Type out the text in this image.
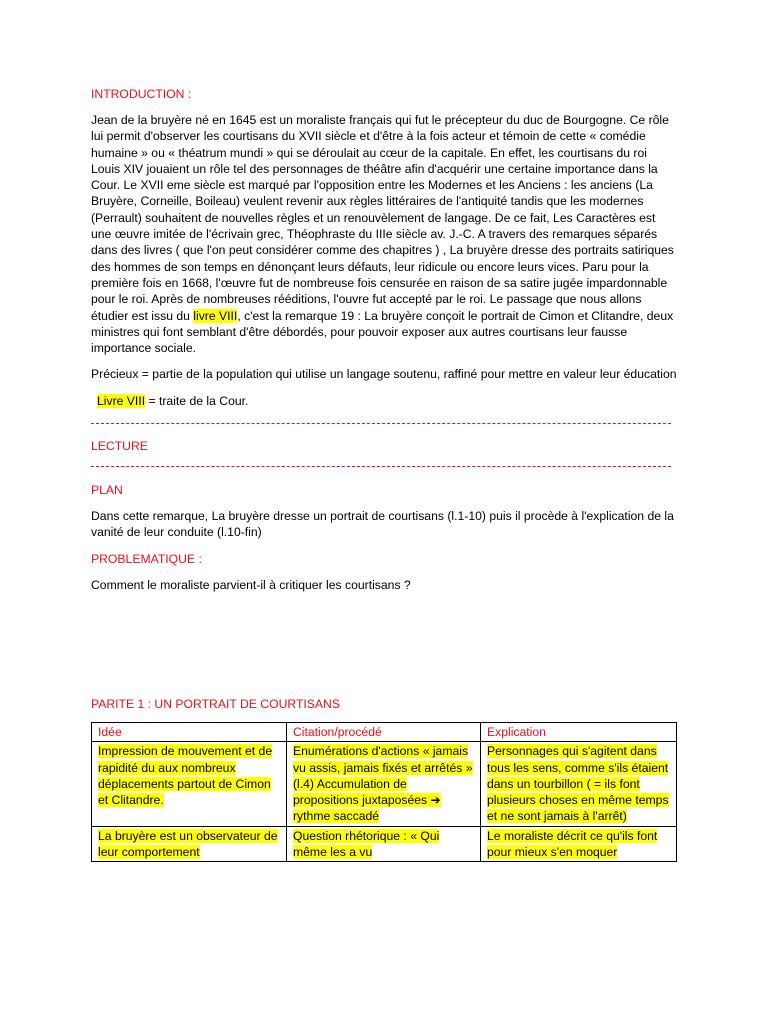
INTRODUCTION :

Jean de la bruyère né en 1645 est un moraliste français qui fut le précepteur du duc de Bourgogne. Ce rôle lui permit d'observer les courtisans du XVII siècle et d'être à la fois acteur et témoin de cette « comédie humaine » ou « théatrum mundi » qui se déroulait au cœur de la capitale. En effet, les courtisans du roi Louis XIV jouaient un rôle tel des personnages de théâtre afin d'acquérir une certaine importance dans la Cour. Le XVII eme siècle est marqué par l'opposition entre les Modernes et les Anciens : les anciens (La Bruyère, Corneille, Boileau) veulent revenir aux règles littéraires de l'antiquité tandis que les modernes (Perrault) souhaitent de nouvelles règles et un renouvèlement de langage. De ce fait, Les Caractères est une œuvre imitée de l'écrivain grec, Théophraste du IIIe siècle av. J.-C. A travers des remarques séparés dans des livres ( que l'on peut considérer comme des chapitres ) , La bruyère dresse des portraits satiriques des hommes de son temps en dénonçant leurs défauts, leur ridicule ou encore leurs vices. Paru pour la première fois en 1668, l'œuvre fut de nombreuse fois censurée en raison de sa satire jugée impardonnable pour le roi. Après de nombreuses rééditions, l'ouvre fut accepté par le roi. Le passage que nous allons étudier est issu du livre VIII, c'est la remarque 19 : La bruyère conçoit le portrait de Cimon et Clitandre, deux ministres qui font semblant d'être débordés, pour pouvoir exposer aux autres courtisans leur fausse importance sociale.

Précieux = partie de la population qui utilise un langage soutenu, raffiné pour mettre en valeur leur éducation

Livre VIII = traite de la Cour.

LECTURE

PLAN

Dans cette remarque, La bruyère dresse un portrait de courtisans (l.1-10) puis il procède à l'explication de la vanité de leur conduite (l.10-fin)

PROBLEMATIQUE :

Comment le moraliste parvient-il à critiquer les courtisans ?

PARITE 1 : UN PORTRAIT DE COURTISANS

Idée	Citation/procédé	Explication
Impression de mouvement et de rapidité du aux nombreux déplacements partout de Cimon et Clitandre.	Enumérations d'actions « jamais vu assis, jamais fixés et arrêtés » (l.4) Accumulation de propositions juxtaposées ➔ rythme saccadé	Personnages qui s'agitent dans tous les sens, comme s'ils étaient dans un tourbillon ( = ils font plusieurs choses en même temps et ne sont jamais à l'arrêt)
La bruyère est un observateur de leur comportement	Question rhétorique : « Qui même les a vu	Le moraliste décrit ce qu'ils font pour mieux s'en moquer
